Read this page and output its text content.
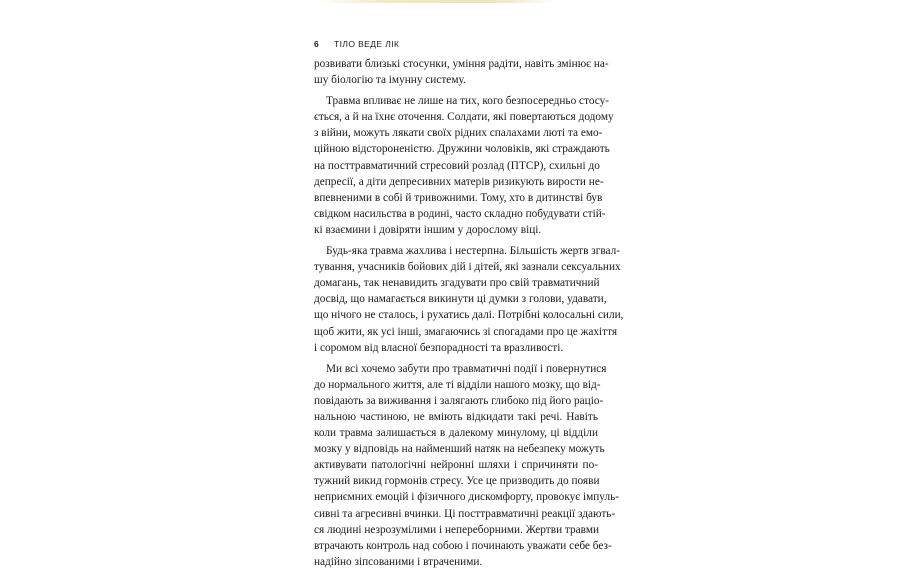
6 ТІЛО ВЕДЕ ЛІК
розвивати близькі стосунки, уміння радіти, навіть змінює на-
шу біологію та імунну систему.
Травма впливає не лише на тих, кого безпосередньо стосу-
ється, а й на їхнє оточення. Солдати, які повертаються додому
з війни, можуть лякати своїх рідних спалахами люті та емо-
ційною відстороненістю. Дружини чоловіків, які страждають
на посттравматичний стресовий розлад (ПТСР), схильні до
депресії, а діти депресивних матерів ризикують вирости не-
впевненими в собі й тривожними. Тому, хто в дитинстві був
свідком насильства в родині, часто складно побудувати стій-
кі взаємини і довіряти іншим у дорослому віці.
Будь-яка травма жахлива і нестерпна. Більшість жертв згвал-
тування, учасників бойових дій і дітей, які зазнали сексуальних
домагань, так ненавидить згадувати про свій травматичний
досвід, що намагається викинути ці думки з голови, удавати,
що нічого не сталось, і рухатись далі. Потрібні колосальні сили,
щоб жити, як усі інші, змагаючись зі спогадами про це жахіття
і соромом від власної безпорадності та вразливості.
Ми всі хочемо забути про травматичні події і повернутися
до нормального життя, але ті відділи нашого мозку, що від-
повідають за виживання і залягають глибоко під його раціо-
нальною частиною, не вміють відкидати такі речі. Навіть
коли травма залишається в далекому минулому, ці відділи
мозку у відповідь на найменший натяк на небезпеку можуть
активувати патологічні нейронні шляхи і спричиняти по-
тужний викид гормонів стресу. Усе це призводить до появи
неприємних емоцій і фізичного дискомфорту, провокує імпуль-
сивні та агресивні вчинки. Ці посттравматичні реакції здають-
ся людині незрозумілими і непереборними. Жертви травми
втрачають контроль над собою і починають уважати себе без-
надійно зіпсованими і втраченими.
